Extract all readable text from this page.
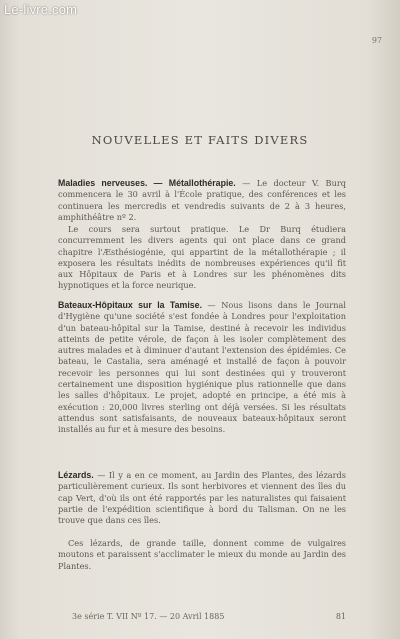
Le-livre.com
97
NOUVELLES ET FAITS DIVERS

Maladies nerveuses. — Métallothérapie. — Le docteur V. Burq commencera le 30 avril à l'École pratique, des conférences et les continuera les mercredis et vendredis suivants de 2 à 3 heures, amphithéâtre nº 2.

Le cours sera surtout pratique. Le Dr Burq étudiera concurremment les divers agents qui ont place dans ce grand chapitre l'Æsthésiogénie, qui appartint de la métallothérapie ; il exposera les résultats inédits de nombreuses expériences qu'il fit aux Hôpitaux de Paris et à Londres sur les phénomènes dits hypnotiques et la force neurique.

Bateaux-Hôpitaux sur la Tamise. — Nous lisons dans le Journal d'Hygiène qu'une société s'est fondée à Londres pour l'exploitation d'un bateau-hôpital sur la Tamise, destiné à recevoir les individus atteints de petite vérole, de façon à les isoler complètement des autres malades et à diminuer d'autant l'extension des épidémies. Ce bateau, le Castalia, sera aménagé et installé de façon à pouvoir recevoir les personnes qui lui sont destinées qui y trouveront certainement une disposition hygiénique plus rationnelle que dans les salles d'hôpitaux. Le projet, adopté en principe, a été mis à exécution : 20,000 livres sterling ont déjà versées. Si les résultats attendus sont satisfaisants, de nouveaux bateaux-hôpitaux seront installés au fur et à mesure des besoins.

Lézards. — Il y a en ce moment, au Jardin des Plantes, des lézards particulièrement curieux. Ils sont herbivores et viennent des îles du cap Vert, d'où ils ont été rapportés par les naturalistes qui faisaient partie de l'expédition scientifique à bord du Talisman. On ne les trouve que dans ces îles.

Ces lézards, de grande taille, donnent comme de vulgaires moutons et paraissent s'acclimater le mieux du monde au Jardin des Plantes.

3e série T. VII Nº 17. — 20 Avril 1885	81
